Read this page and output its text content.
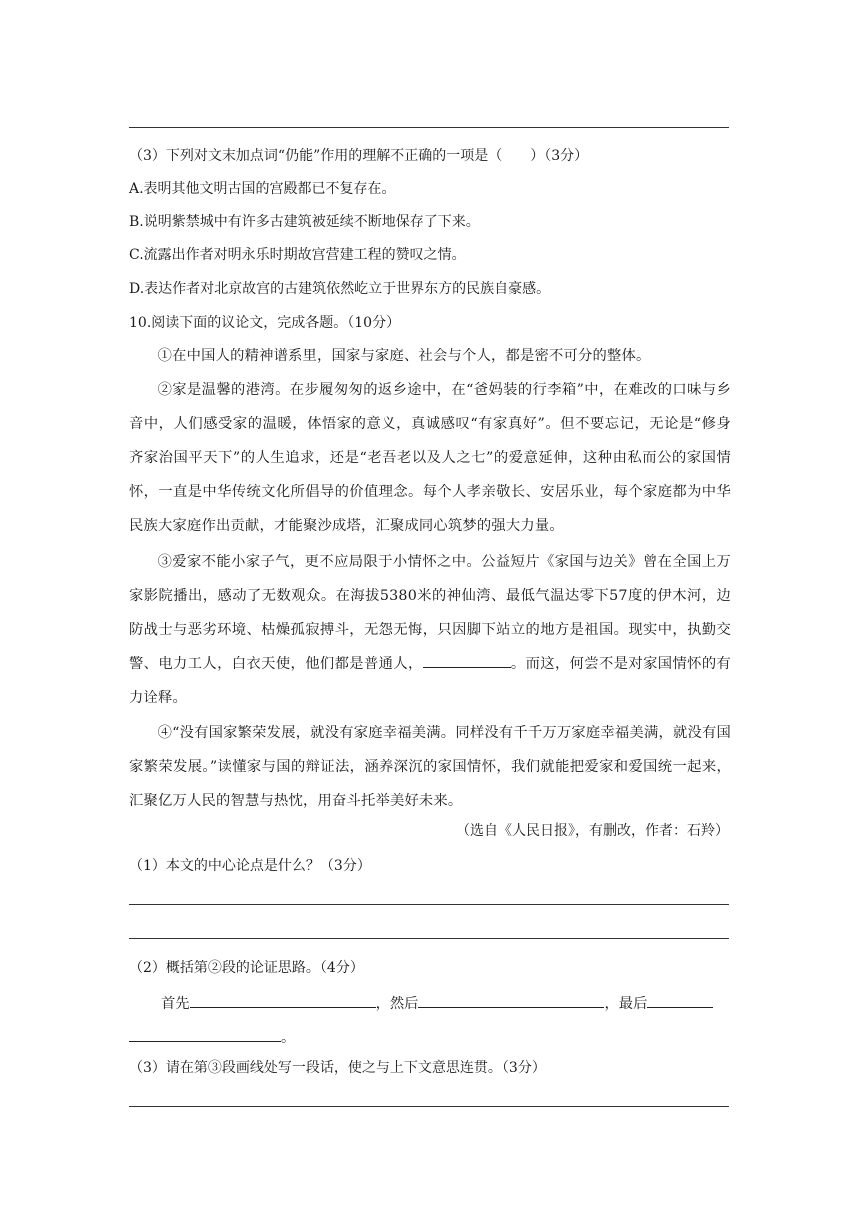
（3）下列对文末加点词“仍能”作用的理解不正确的一项是（　　）（3分）
A.表明其他文明古国的宫殿都已不复存在。
B.说明紫禁城中有许多古建筑被延续不断地保存了下来。
C.流露出作者对明永乐时期故宫营建工程的赞叹之情。
D.表达作者对北京故宫的古建筑依然屹立于世界东方的民族自豪感。
10.阅读下面的议论文，完成各题。（10分）
①在中国人的精神谱系里，国家与家庭、社会与个人，都是密不可分的整体。
②家是温馨的港湾。在步履匆匆的返乡途中，在“爸妈装的行李箱”中，在难改的口味与乡音中，人们感受家的温暖，体悟家的意义，真诚感叹“有家真好”。但不要忘记，无论是“修身齐家治国平天下”的人生追求，还是“老吾老以及人之七”的爱意延伸，这种由私而公的家国情怀，一直是中华传统文化所倡导的价值理念。每个人孝亲敬长、安居乐业，每个家庭都为中华民族大家庭作出贡献，才能聚沙成塔，汇聚成同心筑梦的强大力量。
③爱家不能小家子气，更不应局限于小情怀之中。公益短片《家国与边关》曾在全国上万家影院播出，感动了无数观众。在海拔5380米的神仙湾、最低气温达零下57度的伊木河，边防战士与恶劣环境、枯燥孤寂搏斗，无怨无悔，只因脚下站立的地方是祖国。现实中，执勤交警、电力工人，白衣天使，他们都是普通人，	。而这，何尝不是对家国情怀的有力诠释。
④“没有国家繁荣发展，就没有家庭幸福美满。同样没有千千万万家庭幸福美满，就没有国家繁荣发展。”读懂家与国的辩证法，涵养深沉的家国情怀，我们就能把爱家和爱国统一起来，汇聚亿万人民的智慧与热忱，用奋斗托举美好未来。
（选自《人民日报》，有删改，作者：石羚）
（1）本文的中心论点是什么？（3分）
（2）概括第②段的论证思路。（4分）
首先	，然后	，最后
。
（3）请在第③段画线处写一段话，使之与上下文意思连贯。（3分）
